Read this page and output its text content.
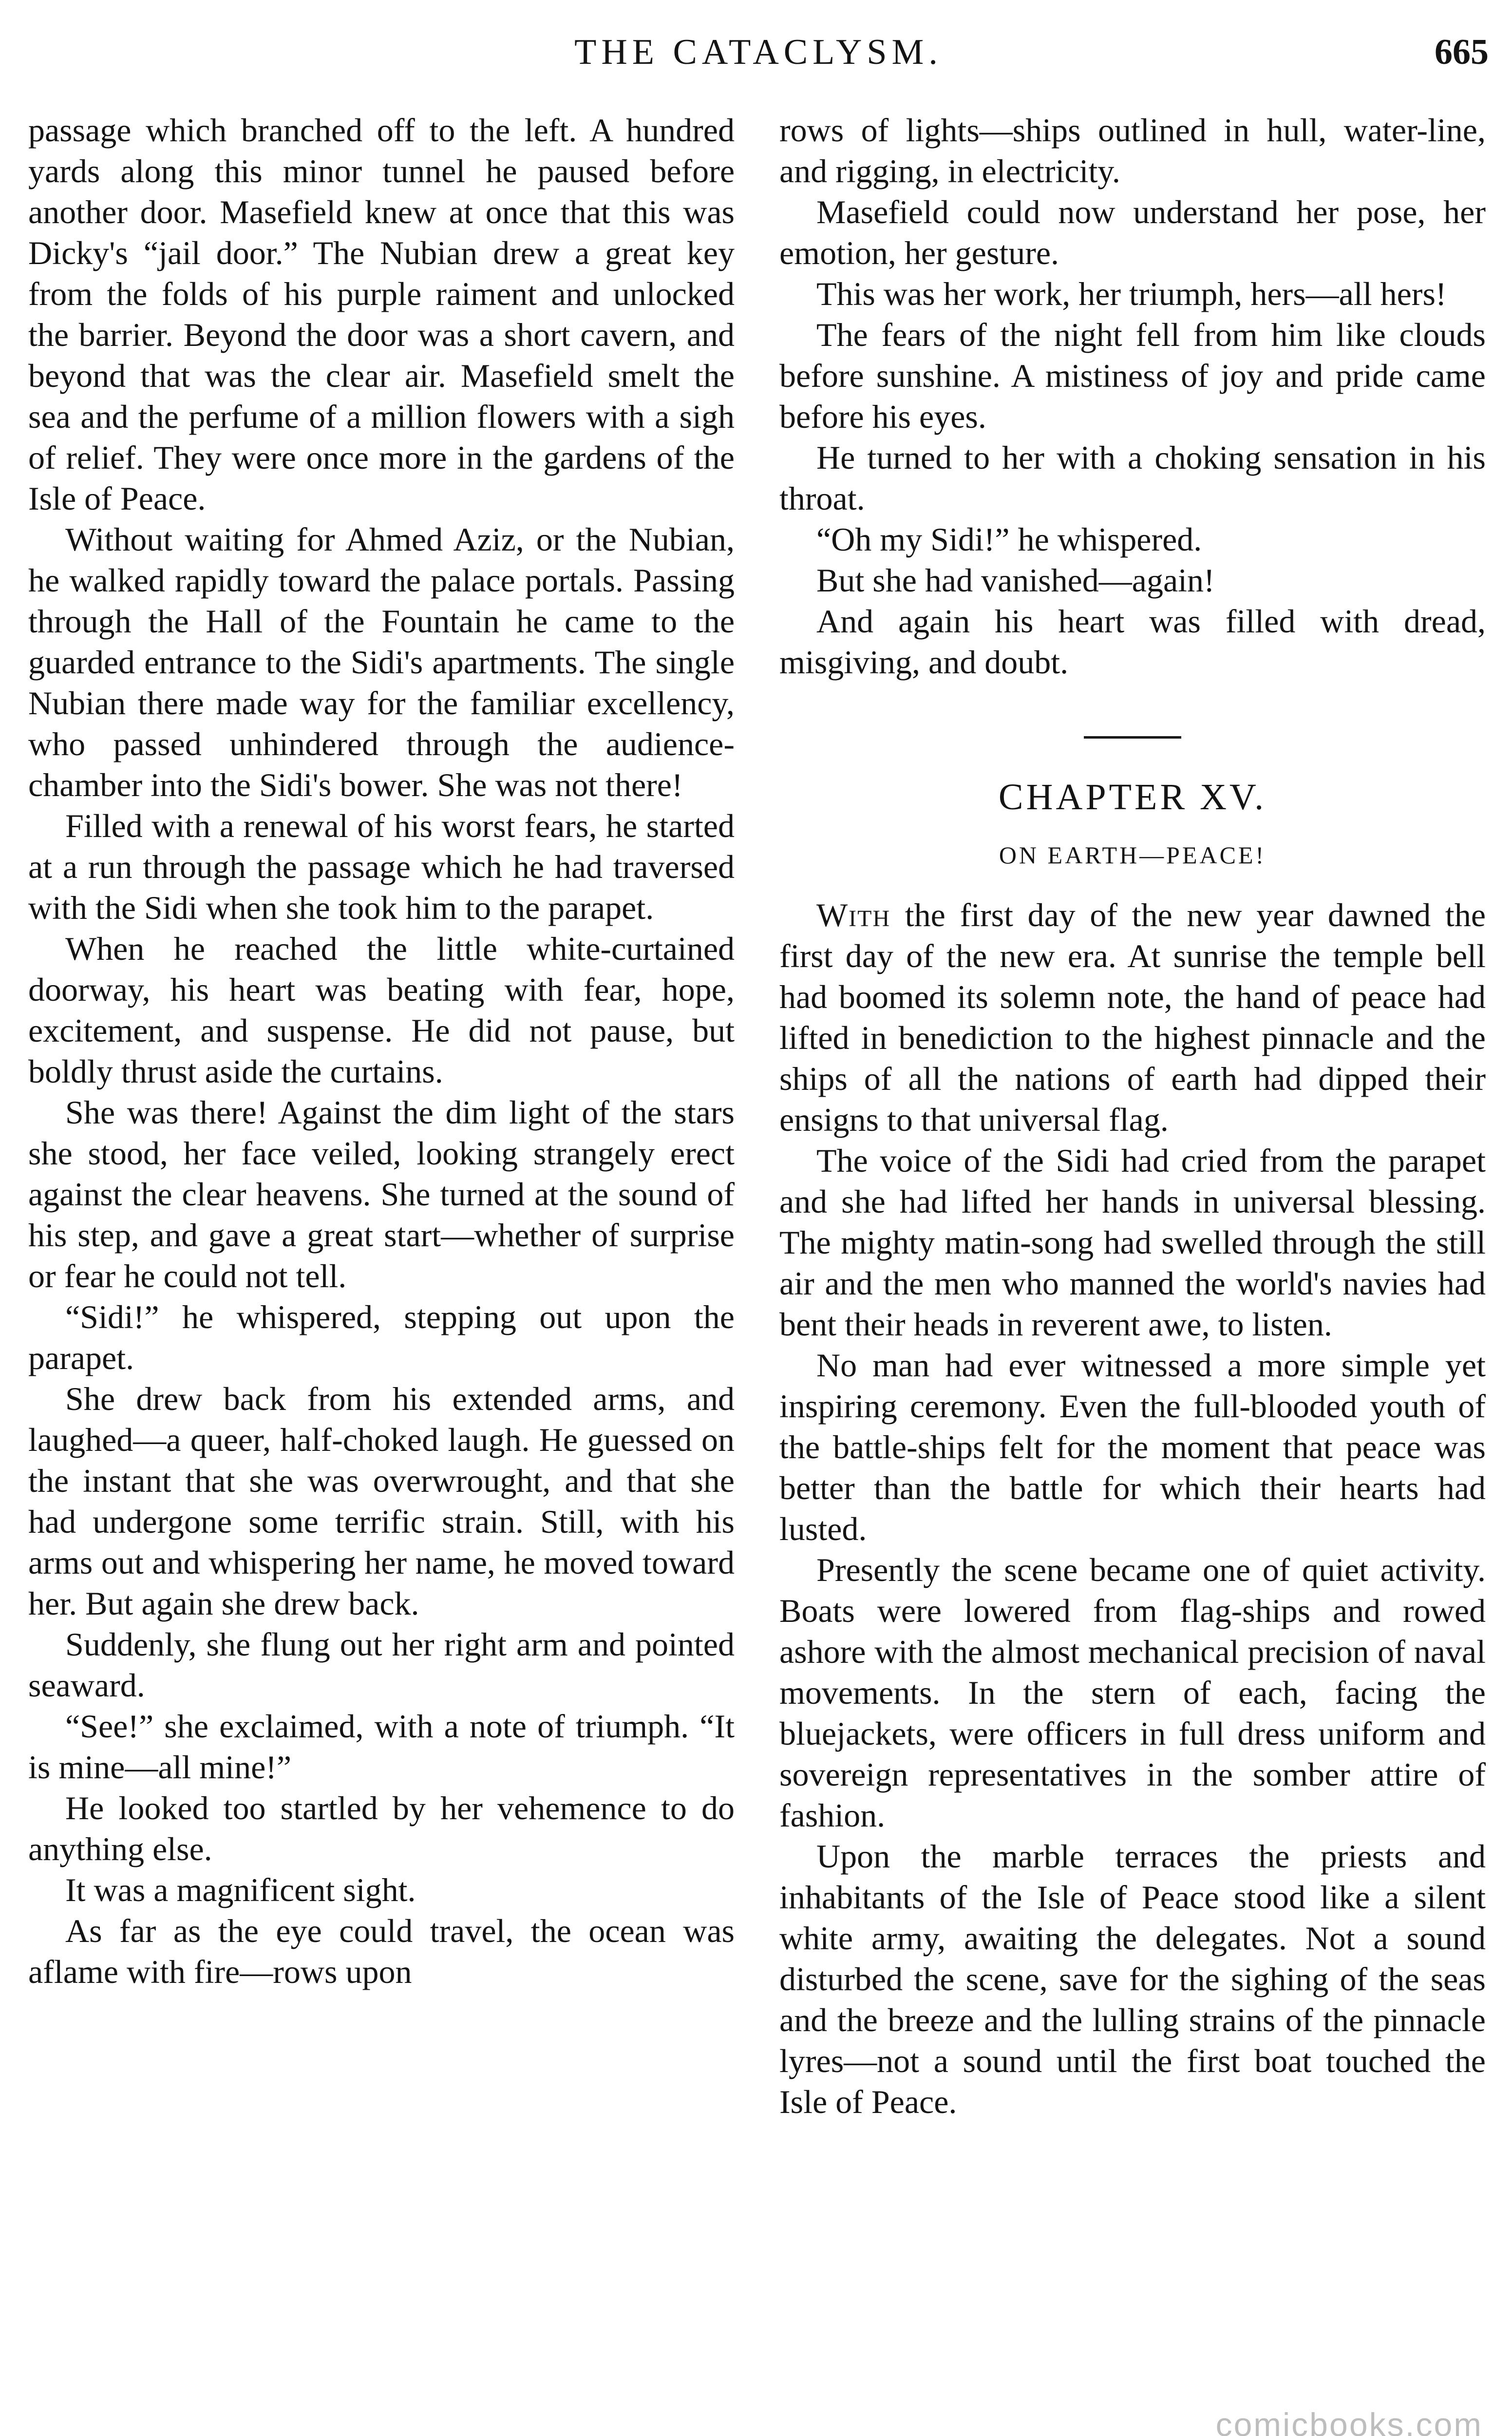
THE CATACLYSM.	665

passage which branched off to the left. A hundred yards along this minor tunnel he paused before another door. Masefield knew at once that this was Dicky's “jail door.” The Nubian drew a great key from the folds of his purple raiment and unlocked the barrier. Beyond the door was a short cavern, and beyond that was the clear air. Masefield smelt the sea and the perfume of a million flowers with a sigh of relief. They were once more in the gardens of the Isle of Peace.

Without waiting for Ahmed Aziz, or the Nubian, he walked rapidly toward the palace portals. Passing through the Hall of the Fountain he came to the guarded entrance to the Sidi's apartments. The single Nubian there made way for the familiar excellency, who passed unhindered through the audience-chamber into the Sidi's bower. She was not there!

Filled with a renewal of his worst fears, he started at a run through the passage which he had traversed with the Sidi when she took him to the parapet.

When he reached the little white-curtained doorway, his heart was beating with fear, hope, excitement, and suspense. He did not pause, but boldly thrust aside the curtains.

She was there! Against the dim light of the stars she stood, her face veiled, looking strangely erect against the clear heavens. She turned at the sound of his step, and gave a great start—whether of surprise or fear he could not tell.

“Sidi!” he whispered, stepping out upon the parapet.

She drew back from his extended arms, and laughed—a queer, half-choked laugh. He guessed on the instant that she was overwrought, and that she had undergone some terrific strain. Still, with his arms out and whispering her name, he moved toward her. But again she drew back.

Suddenly, she flung out her right arm and pointed seaward.

“See!” she exclaimed, with a note of triumph. “It is mine—all mine!”

He looked too startled by her vehemence to do anything else.

It was a magnificent sight.

As far as the eye could travel, the ocean was aflame with fire—rows upon

rows of lights—ships outlined in hull, water-line, and rigging, in electricity.

Masefield could now understand her pose, her emotion, her gesture.

This was her work, her triumph, hers—all hers!

The fears of the night fell from him like clouds before sunshine. A mistiness of joy and pride came before his eyes.

He turned to her with a choking sensation in his throat.

“Oh my Sidi!” he whispered.

But she had vanished—again!

And again his heart was filled with dread, misgiving, and doubt.

CHAPTER XV.
ON EARTH—PEACE!

With the first day of the new year dawned the first day of the new era. At sunrise the temple bell had boomed its solemn note, the hand of peace had lifted in benediction to the highest pinnacle and the ships of all the nations of earth had dipped their ensigns to that universal flag.

The voice of the Sidi had cried from the parapet and she had lifted her hands in universal blessing. The mighty matin-song had swelled through the still air and the men who manned the world's navies had bent their heads in reverent awe, to listen.

No man had ever witnessed a more simple yet inspiring ceremony. Even the full-blooded youth of the battle-ships felt for the moment that peace was better than the battle for which their hearts had lusted.

Presently the scene became one of quiet activity. Boats were lowered from flag-ships and rowed ashore with the almost mechanical precision of naval movements. In the stern of each, facing the bluejackets, were officers in full dress uniform and sovereign representatives in the somber attire of fashion.

Upon the marble terraces the priests and inhabitants of the Isle of Peace stood like a silent white army, awaiting the delegates. Not a sound disturbed the scene, save for the sighing of the seas and the breeze and the lulling strains of the pinnacle lyres—not a sound until the first boat touched the Isle of Peace.

comicbooks.com
